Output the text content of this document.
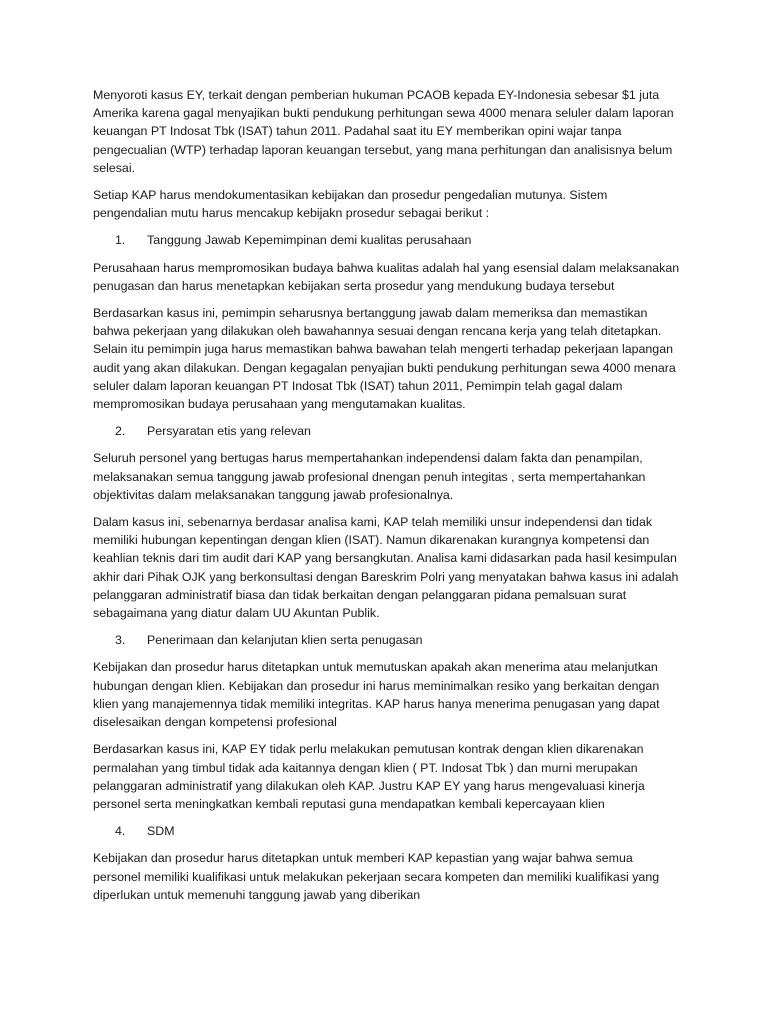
Menyoroti kasus EY, terkait dengan pemberian hukuman PCAOB kepada EY-Indonesia sebesar $1 juta Amerika karena gagal menyajikan bukti pendukung perhitungan sewa 4000 menara seluler dalam laporan keuangan PT Indosat Tbk (ISAT) tahun 2011. Padahal saat itu EY memberikan opini wajar tanpa pengecualian (WTP) terhadap laporan keuangan tersebut, yang mana perhitungan dan analisisnya belum selesai.

Setiap KAP harus mendokumentasikan kebijakan dan prosedur pengedalian mutunya. Sistem pengendalian mutu harus mencakup kebijakn prosedur sebagai berikut :

1.	Tanggung Jawab Kepemimpinan demi kualitas perusahaan

Perusahaan harus mempromosikan budaya bahwa kualitas adalah hal yang esensial dalam melaksanakan penugasan dan harus menetapkan kebijakan serta prosedur yang mendukung budaya tersebut

Berdasarkan kasus ini, pemimpin seharusnya bertanggung jawab dalam memeriksa dan memastikan bahwa pekerjaan yang dilakukan oleh bawahannya sesuai dengan rencana kerja yang telah ditetapkan. Selain itu pemimpin juga harus memastikan bahwa bawahan telah mengerti terhadap pekerjaan lapangan audit yang akan dilakukan. Dengan kegagalan penyajian bukti pendukung perhitungan sewa 4000 menara seluler dalam laporan keuangan PT Indosat Tbk (ISAT) tahun 2011, Pemimpin telah gagal dalam mempromosikan budaya perusahaan yang mengutamakan kualitas.

2.	Persyaratan etis yang relevan

Seluruh personel yang bertugas harus mempertahankan independensi dalam fakta dan penampilan, melaksanakan semua tanggung jawab profesional dnengan penuh integitas , serta mempertahankan objektivitas dalam melaksanakan tanggung jawab profesionalnya.

Dalam kasus ini, sebenarnya berdasar analisa kami, KAP telah memiliki unsur independensi dan tidak memiliki hubungan kepentingan dengan klien (ISAT). Namun dikarenakan kurangnya kompetensi dan keahlian teknis dari tim audit dari KAP yang bersangkutan. Analisa kami didasarkan pada hasil kesimpulan akhir dari Pihak OJK yang berkonsultasi dengan Bareskrim Polri yang menyatakan bahwa kasus ini adalah pelanggaran administratif biasa dan tidak berkaitan dengan pelanggaran pidana pemalsuan surat sebagaimana yang diatur dalam UU Akuntan Publik.

3.	Penerimaan dan kelanjutan klien serta penugasan

Kebijakan dan prosedur harus ditetapkan untuk memutuskan apakah akan menerima atau melanjutkan hubungan dengan klien. Kebijakan dan prosedur ini harus meminimalkan resiko yang berkaitan dengan klien yang manajemennya tidak memiliki integritas. KAP harus hanya menerima penugasan yang dapat diselesaikan dengan kompetensi profesional

Berdasarkan kasus ini, KAP EY tidak perlu melakukan pemutusan kontrak dengan klien dikarenakan permalahan yang timbul tidak ada kaitannya dengan klien ( PT. Indosat Tbk ) dan murni merupakan pelanggaran administratif yang dilakukan oleh KAP. Justru KAP EY yang harus mengevaluasi kinerja personel serta meningkatkan kembali reputasi guna mendapatkan kembali kepercayaan klien

4.	SDM

Kebijakan dan prosedur harus ditetapkan untuk memberi KAP kepastian yang wajar bahwa semua personel memiliki kualifikasi untuk melakukan pekerjaan secara kompeten dan memiliki kualifikasi yang diperlukan untuk memenuhi tanggung jawab yang diberikan
